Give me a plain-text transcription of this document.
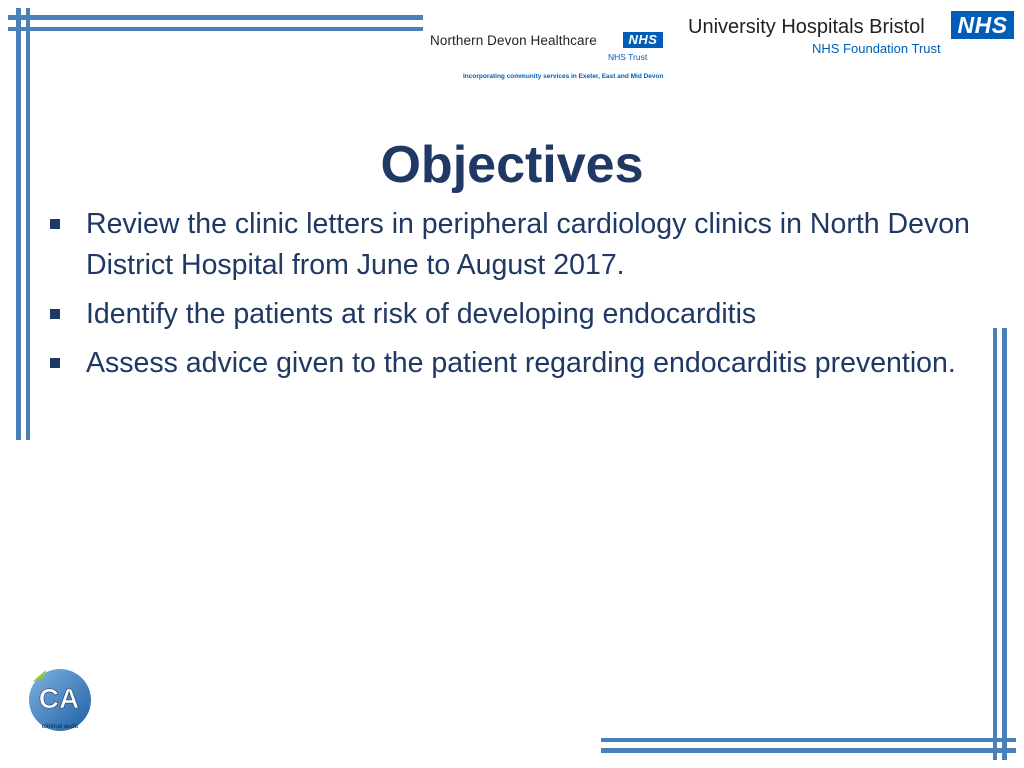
Northern Devon Healthcare	NHS
NHS Trust
Incorporating community services in Exeter, East and Mid Devon
University Hospitals Bristol NHS
NHS Foundation Trust
Objectives
Review the clinic letters in peripheral cardiology clinics in North Devon District Hospital from June to August 2017.
Identify the patients at risk of developing endocarditis
Assess advice given to the patient regarding endocarditis prevention.
CA
clinical audit
